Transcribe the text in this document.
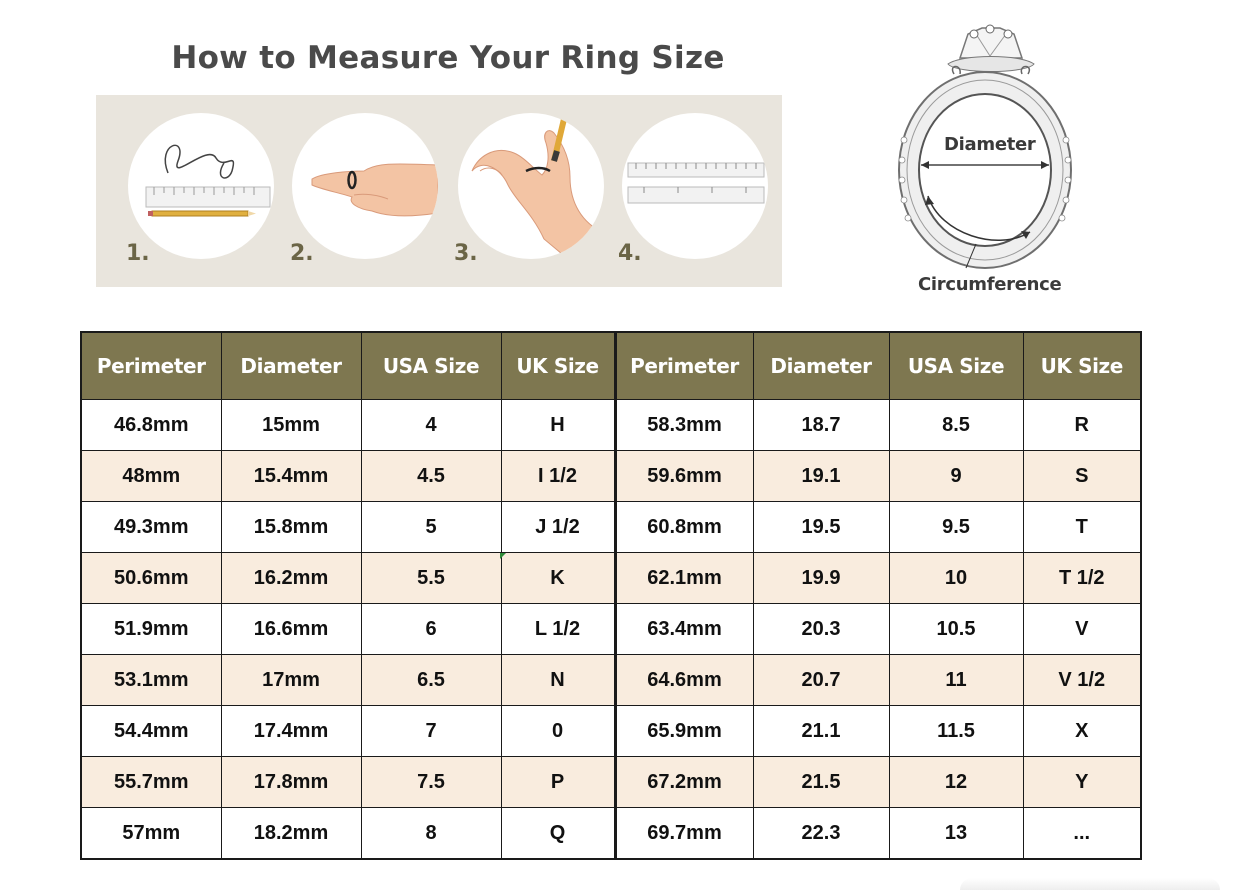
How to Measure Your Ring Size
1.	2.	3.	4.
Diameter
Circumference
Perimeter	Diameter	USA Size	UK Size	Perimeter	Diameter	USA Size	UK Size
46.8mm	15mm	4	H	58.3mm	18.7	8.5	R
48mm	15.4mm	4.5	I 1/2	59.6mm	19.1	9	S
49.3mm	15.8mm	5	J 1/2	60.8mm	19.5	9.5	T
50.6mm	16.2mm	5.5	K	62.1mm	19.9	10	T 1/2
51.9mm	16.6mm	6	L 1/2	63.4mm	20.3	10.5	V
53.1mm	17mm	6.5	N	64.6mm	20.7	11	V 1/2
54.4mm	17.4mm	7	0	65.9mm	21.1	11.5	X
55.7mm	17.8mm	7.5	P	67.2mm	21.5	12	Y
57mm	18.2mm	8	Q	69.7mm	22.3	13	...
